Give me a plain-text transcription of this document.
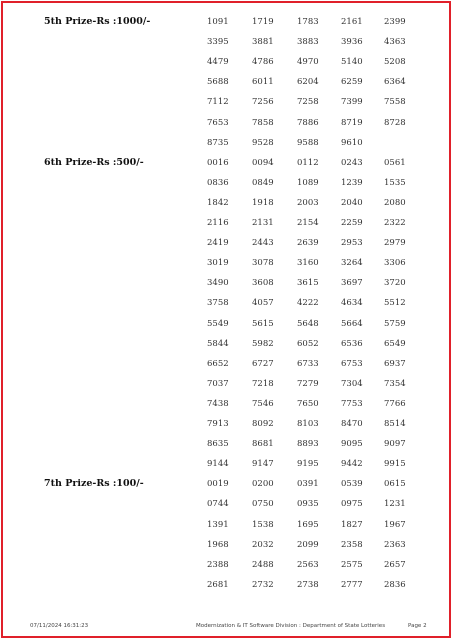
5th Prize-Rs :1000/-	1091	1719	1783	2161	2399
3395	3881	3883	3936	4363
4479	4786	4970	5140	5208
5688	6011	6204	6259	6364
7112	7256	7258	7399	7558
7653	7858	7886	8719	8728
8735	9528	9588	9610
6th Prize-Rs :500/-	0016	0094	0112	0243	0561
0836	0849	1089	1239	1535
1842	1918	2003	2040	2080
2116	2131	2154	2259	2322
2419	2443	2639	2953	2979
3019	3078	3160	3264	3306
3490	3608	3615	3697	3720
3758	4057	4222	4634	5512
5549	5615	5648	5664	5759
5844	5982	6052	6536	6549
6652	6727	6733	6753	6937
7037	7218	7279	7304	7354
7438	7546	7650	7753	7766
7913	8092	8103	8470	8514
8635	8681	8893	9095	9097
9144	9147	9195	9442	9915
7th Prize-Rs :100/-	0019	0200	0391	0539	0615
0744	0750	0935	0975	1231
1391	1538	1695	1827	1967
1968	2032	2099	2358	2363
2388	2488	2563	2575	2657
2681	2732	2738	2777	2836
07/11/2024 16:31:23	Modernization & IT Software Division : Department of State Lotteries	Page 2
